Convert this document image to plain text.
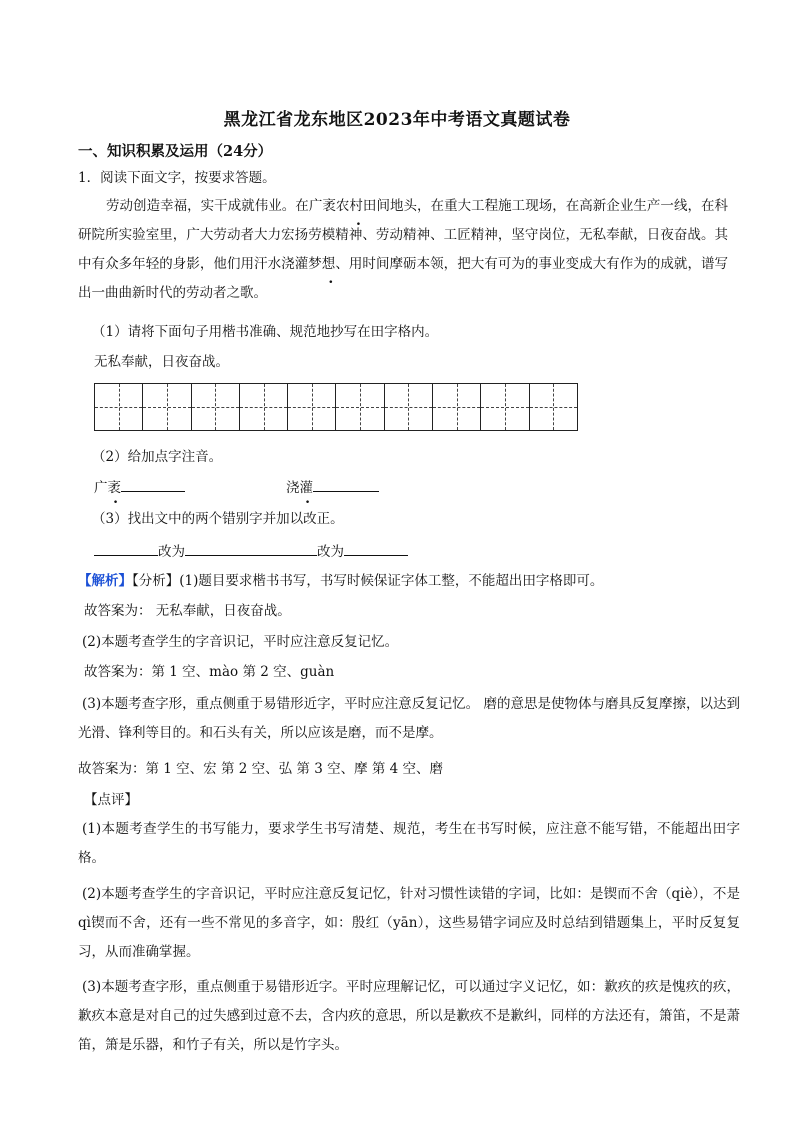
黑龙江省龙东地区2023年中考语文真题试卷
一、知识积累及运用（24分）
1．阅读下面文字，按要求答题。
劳动创造幸福，实干成就伟业。在广袤 .农村田间地头，在重大工程施工现场，在高新企业生产一线，在科研院所实验室里，广大劳动者大力宏扬劳模精神、劳动精神、工匠精神，坚守岗位，无私奉献，日夜奋战。其中有众多年轻的身影，他们用汗水浇灌 .梦想、用时间摩砺本领，把大有可为的事业变成大有作为的成就，谱写出一曲曲新时代的劳动者之歌。
（1）请将下面句子用楷书准确、规范地抄写在田字格内。
无私奉献，日夜奋战。
（2）给加点字注音。
广袤	浇灌
（3）找出文中的两个错别字并加以改正。
改为	改为
【解析】【分析】(1)题目要求楷书书写，书写时候保证字体工整，不能超出田字格即可。
故答案为： 无私奉献，日夜奋战。
(2)本题考查学生的字音识记，平时应注意反复记忆。
故答案为：第 1 空、mào 第 2 空、guàn
(3)本题考查字形，重点侧重于易错形近字，平时应注意反复记忆。 磨的意思是使物体与磨具反复摩擦，以达到光滑、锋利等目的。和石头有关，所以应该是磨，而不是摩。
故答案为：第 1 空、宏 第 2 空、弘 第 3 空、摩 第 4 空、磨
【点评】
(1)本题考查学生的书写能力，要求学生书写清楚、规范，考生在书写时候，应注意不能写错，不能超出田字格。
(2)本题考查学生的字音识记，平时应注意反复记忆，针对习惯性读错的字词，比如：是锲而不舍（qiè），不是 qì锲而不舍，还有一些不常见的多音字，如：殷红（yān），这些易错字词应及时总结到错题集上，平时反复复习，从而准确掌握。
(3)本题考查字形，重点侧重于易错形近字。平时应理解记忆，可以通过字义记忆，如：歉疚的疚是愧疚的疚，歉疚本意是对自己的过失感到过意不去，含内疚的意思，所以是歉疚不是歉纠，同样的方法还有，箫笛，不是萧笛，箫是乐器，和竹子有关，所以是竹字头。
